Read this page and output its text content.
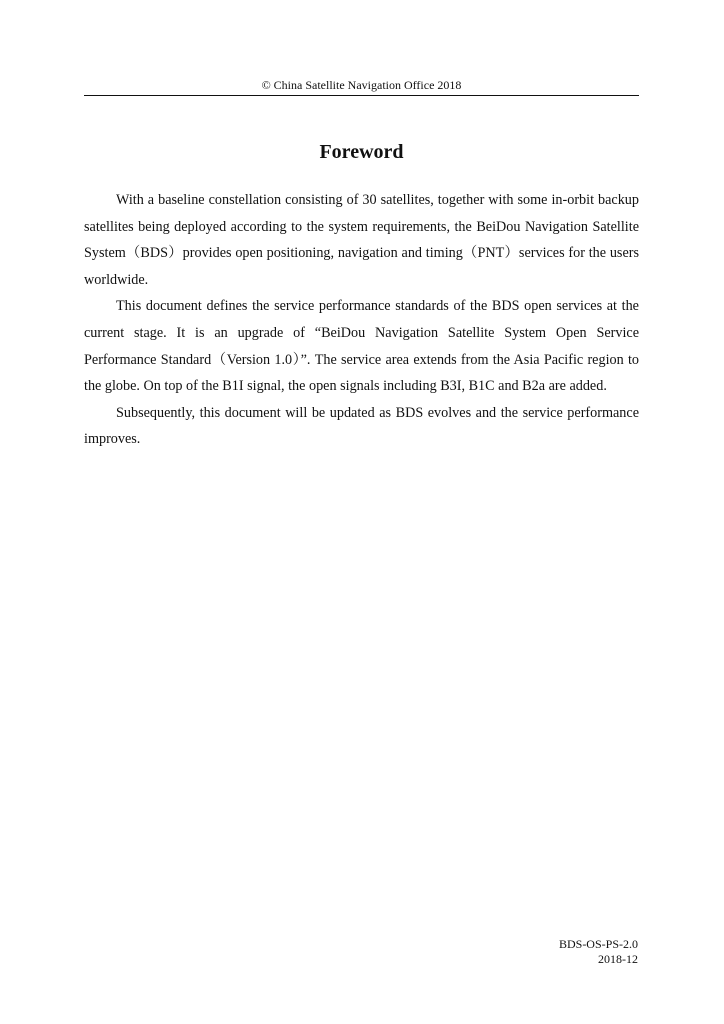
© China Satellite Navigation Office 2018
Foreword

With a baseline constellation consisting of 30 satellites, together with some in-orbit backup satellites being deployed according to the system requirements, the BeiDou Navigation Satellite System（BDS）provides open positioning, navigation and timing（PNT）services for the users worldwide.

This document defines the service performance standards of the BDS open services at the current stage. It is an upgrade of “BeiDou Navigation Satellite System Open Service Performance Standard（Version 1.0）”. The service area extends from the Asia Pacific region to the globe. On top of the B1I signal, the open signals including B3I, B1C and B2a are added.

Subsequently, this document will be updated as BDS evolves and the service performance improves.

BDS-OS-PS-2.0
2018-12
